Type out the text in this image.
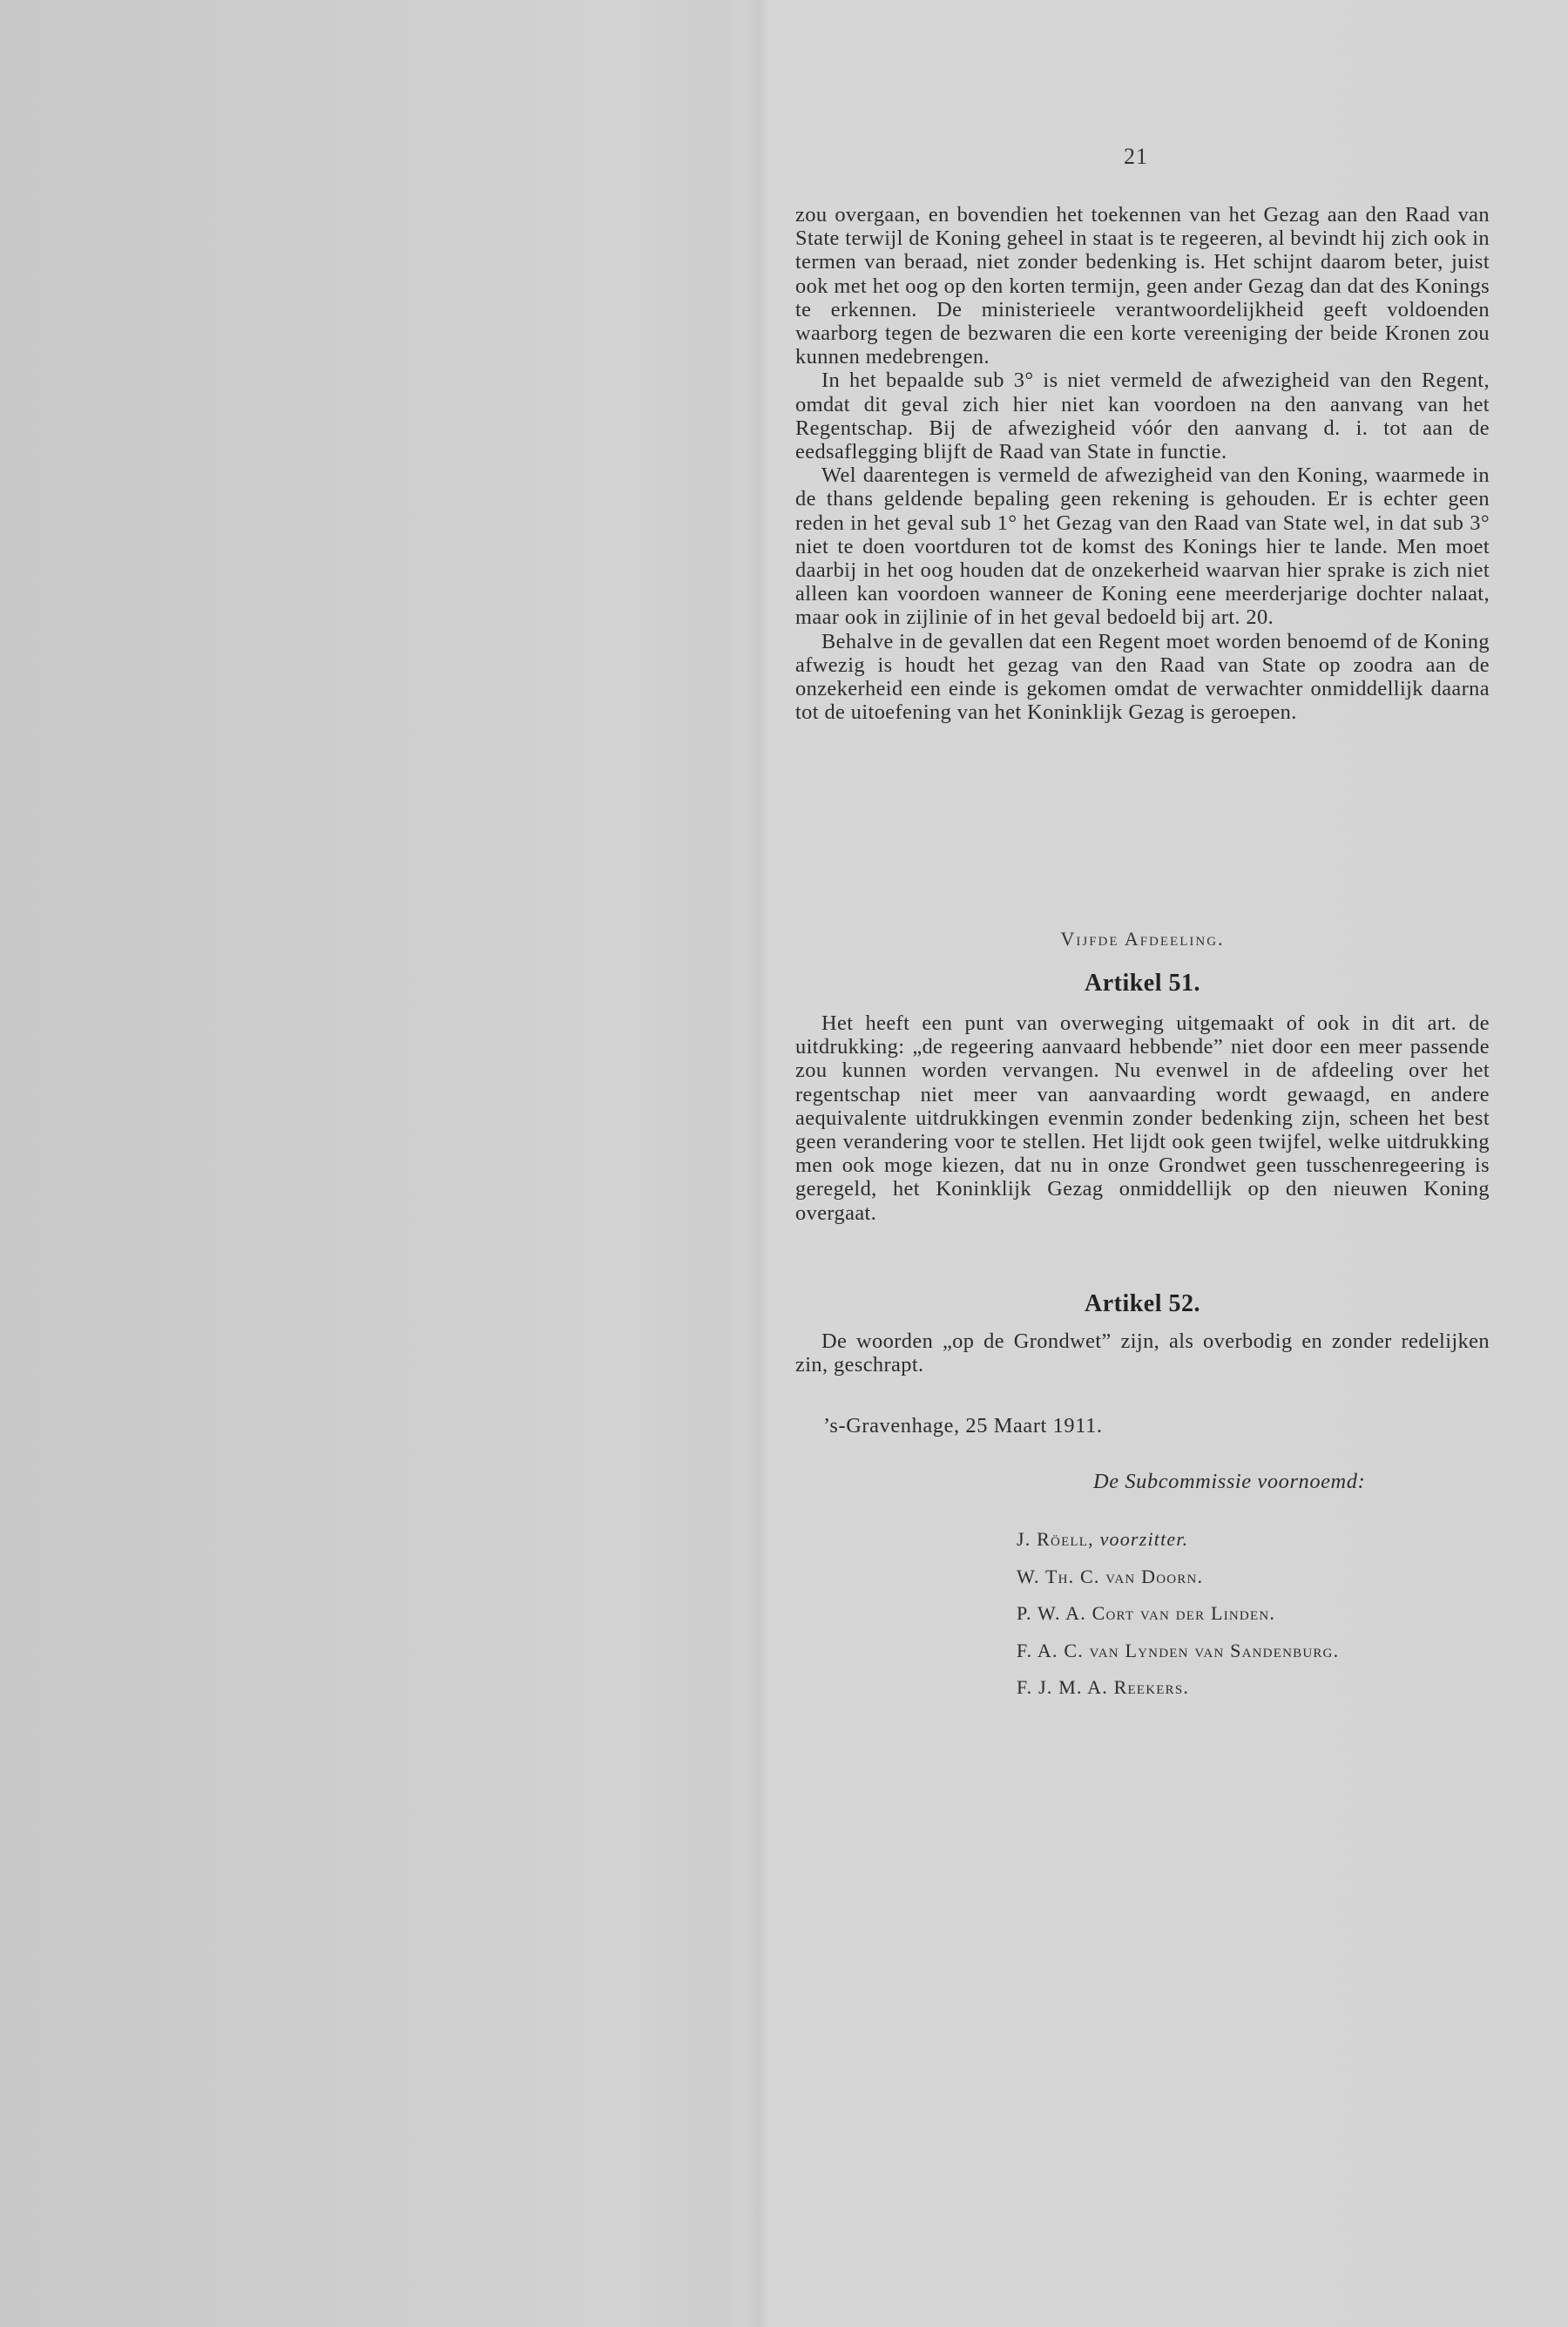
21

zou overgaan, en bovendien het toekennen van het Gezag aan den Raad van State terwijl de Koning geheel in staat is te regeeren, al bevindt hij zich ook in termen van beraad, niet zonder bedenking is. Het schijnt daarom beter, juist ook met het oog op den korten termijn, geen ander Gezag dan dat des Konings te erkennen. De ministerieele verantwoordelijkheid geeft voldoenden waarborg tegen de bezwaren die een korte vereeniging der beide Kronen zou kunnen medebrengen.

In het bepaalde sub 3° is niet vermeld de afwezigheid van den Regent, omdat dit geval zich hier niet kan voordoen na den aanvang van het Regentschap. Bij de afwezigheid vóór den aanvang d. i. tot aan de eedsaflegging blijft de Raad van State in functie.

Wel daarentegen is vermeld de afwezigheid van den Koning, waarmede in de thans geldende bepaling geen rekening is gehouden. Er is echter geen reden in het geval sub 1° het Gezag van den Raad van State wel, in dat sub 3° niet te doen voortduren tot de komst des Konings hier te lande. Men moet daarbij in het oog houden dat de onzekerheid waarvan hier sprake is zich niet alleen kan voordoen wanneer de Koning eene meerderjarige dochter nalaat, maar ook in zijlinie of in het geval bedoeld bij art. 20.

Behalve in de gevallen dat een Regent moet worden benoemd of de Koning afwezig is houdt het gezag van den Raad van State op zoodra aan de onzekerheid een einde is gekomen omdat de verwachter onmiddellijk daarna tot de uitoefening van het Koninklijk Gezag is geroepen.

Vijfde Afdeeling.
Artikel 51.

Het heeft een punt van overweging uitgemaakt of ook in dit art. de uitdrukking: „de regeering aanvaard hebbende” niet door een meer passende zou kunnen worden vervangen. Nu evenwel in de afdeeling over het regentschap niet meer van aanvaarding wordt gewaagd, en andere aequivalente uitdrukkingen evenmin zonder bedenking zijn, scheen het best geen verandering voor te stellen. Het lijdt ook geen twijfel, welke uitdrukking men ook moge kiezen, dat nu in onze Grondwet geen tusschenregeering is geregeld, het Koninklijk Gezag onmiddellijk op den nieuwen Koning overgaat.

Artikel 52.

De woorden „op de Grondwet” zijn, als overbodig en zonder redelijken zin, geschrapt.

’s-Gravenhage, 25 Maart 1911.
De Subcommissie voornoemd:
J. Röell, voorzitter.
W. Th. C. van Doorn.
P. W. A. Cort van der Linden.
F. A. C. van Lynden van Sandenburg.
F. J. M. A. Reekers.
